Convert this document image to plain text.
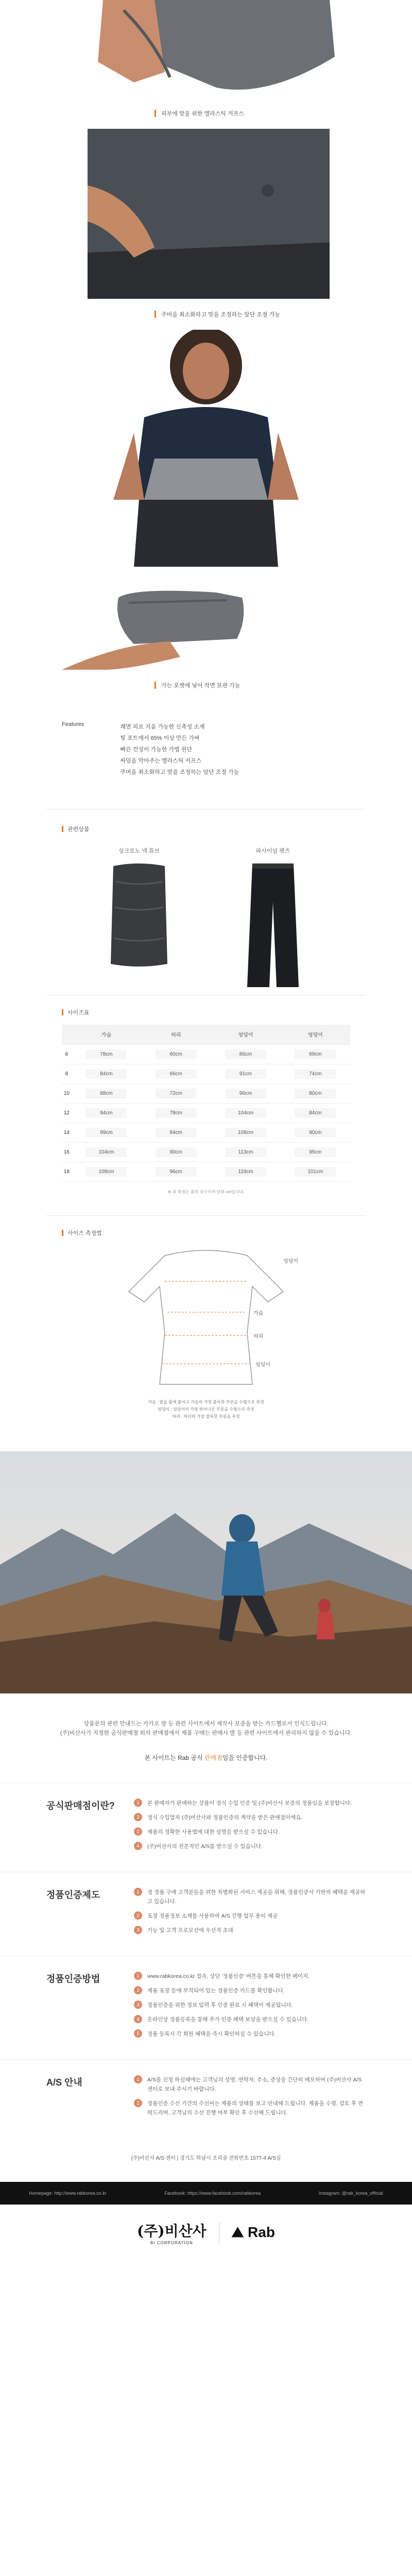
피부에 맞을 위한 엘라스틱 커프스
주머을 최소화하고 맞을 조정하는 앞단 조절 가능
가는 포켓에 넣어 작면 보관 가능
Features	쾌면 피로 지움 가능한 신축성 소재
빛 포트에서 65% 이상 만든 가벼
빠른 건성이 가능한 가볍 원단
싸임을 막아주는 엘라스틱 커프스
주머을 최소화하고 맞을 조정하는 앞단 조절 가능
관련상품
싱크로노 넥 튜브	파사이널 팬츠
사이즈표
	가슴	허리	엉덩이	엉덩이
6	78cm	60cm	86cm	69cm
8	84cm	66cm	91cm	74cm
10	88cm	72cm	96cm	80cm
12	94cm	78cm	104cm	84cm
14	99cm	84cm	108cm	90cm
16	104cm	90cm	113cm	95cm
18	109cm	96cm	119cm	101cm
※ 위 측정는 몸의 치수이며 단위 cm입니다.
사이즈 측정법
엉덩이
가슴
허리
엉덩이
가슴 : 팔을 몸에 붙이고 가슴의 가장 볼록한 부분을 수평으로 측정
엉덩이 : 엉덩이의 가장 튀어나온 부분을 수평으로 측정
허리 : 허리의 가장 잘록한 부분을 측정
상품문의 관련 안내드는 카카오 방 등 관련 사이트에서 제작사 보증을 받는 카드헬로서 인식드립니다.
(주)비산사가 지정한 공식판매점 외의 판매점에서 제품 구매는 판매사 발 등 관련 사이트에서 관리하지 않을 수 있습니다.
본 사이트는 Rab 공식 판매점임을 인증합니다.
공식판매점이란?	1	본 판매자가 판매하는 상품이 정식 수입 인증 및 (주)비산사 보증의 정품임을 보장합니다.
2	정식 수입업자 (주)비산사와 정품인증의 계약을 받은 판매점이에요.
3	제품의 정확한 사용법에 대한 설명을 받으실 수 있습니다.
4	(주)비산사의 전문적인 A/S를 받으실 수 있습니다.
정품인증제도	1	정 정품 구매 고객분들을 위한 차별화된 서비스 제공을 위해, 정품인증서 기반의 혜택을 제공하고 있습니다.
2	포장 정품정보 소재를 사용하여 A/S 진행 업무 용이 제공
3	기능 및 고객 프로모션에 우선적 초대
정품인증방법	1	www.rabkorea.co.kr 접속, 상단 '정품인증' 버튼을 통해 확인한 페이지.
2	제품 포장 등에 부착되어 있는 정품인증 카드를 확인합니다.
3	정품인증을 위한 정보 입력 후 인증 완료 시 혜택이 제공됩니다.
4	온라인상 정품등록을 통해 추가 인증 혜택 보상을 받으실 수 있습니다.
5	정품 등록시 각 회원 혜택을 즉시 확인하실 수 있습니다.
A/S 안내	1	A/S를 신청 하실때에는 고객님의 성명, 연락처, 주소, 증상을 간단히 메모하여 (주)비산사 A/S센터로 보내 주시기 바랍니다.
2	정품인증 수신 기간의 수선비는 제품의 상태를 보고 안내해 드립니다. 제품을 수령, 검토 후 연락드리며, 고객님의 수선 진행 여부 확인 후 수선해 드립니다.
(주)비산사 A/S 센터 | 경기도 하남시 조리골 전화번호 1577-4 A/S실
Homepage: http://www.rabkorea.co.kr	Facebook: https://www.facebook.com/rabkorea	Instagram: @rab_korea_official
(주)비산사
BI CORPORATION
⛰ Rab
